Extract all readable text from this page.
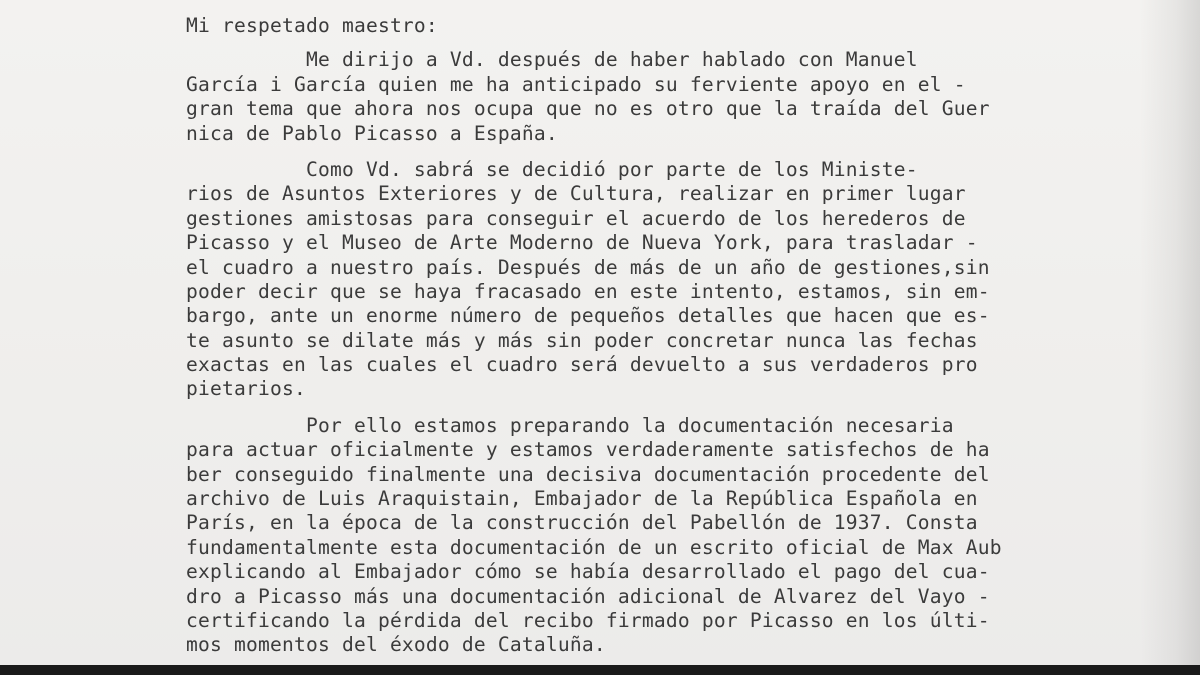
Mi respetado maestro:
Me dirijo a Vd. después de haber hablado con Manuel
García i García quien me ha anticipado su ferviente apoyo en el -
gran tema que ahora nos ocupa que no es otro que la traída del Guer
nica de Pablo Picasso a España.
Como Vd. sabrá se decidió por parte de los Ministe-
rios de Asuntos Exteriores y de Cultura, realizar en primer lugar
gestiones amistosas para conseguir el acuerdo de los herederos de
Picasso y el Museo de Arte Moderno de Nueva York, para trasladar -
el cuadro a nuestro país. Después de más de un año de gestiones,sin
poder decir que se haya fracasado en este intento, estamos, sin em-
bargo, ante un enorme número de pequeños detalles que hacen que es-
te asunto se dilate más y más sin poder concretar nunca las fechas
exactas en las cuales el cuadro será devuelto a sus verdaderos pro
pietarios.
Por ello estamos preparando la documentación necesaria
para actuar oficialmente y estamos verdaderamente satisfechos de ha
ber conseguido finalmente una decisiva documentación procedente del
archivo de Luis Araquistain, Embajador de la República Española en
París, en la época de la construcción del Pabellón de 1937. Consta
fundamentalmente esta documentación de un escrito oficial de Max Aub
explicando al Embajador cómo se había desarrollado el pago del cua-
dro a Picasso más una documentación adicional de Alvarez del Vayo -
certificando la pérdida del recibo firmado por Picasso en los últi-
mos momentos del éxodo de Cataluña.
